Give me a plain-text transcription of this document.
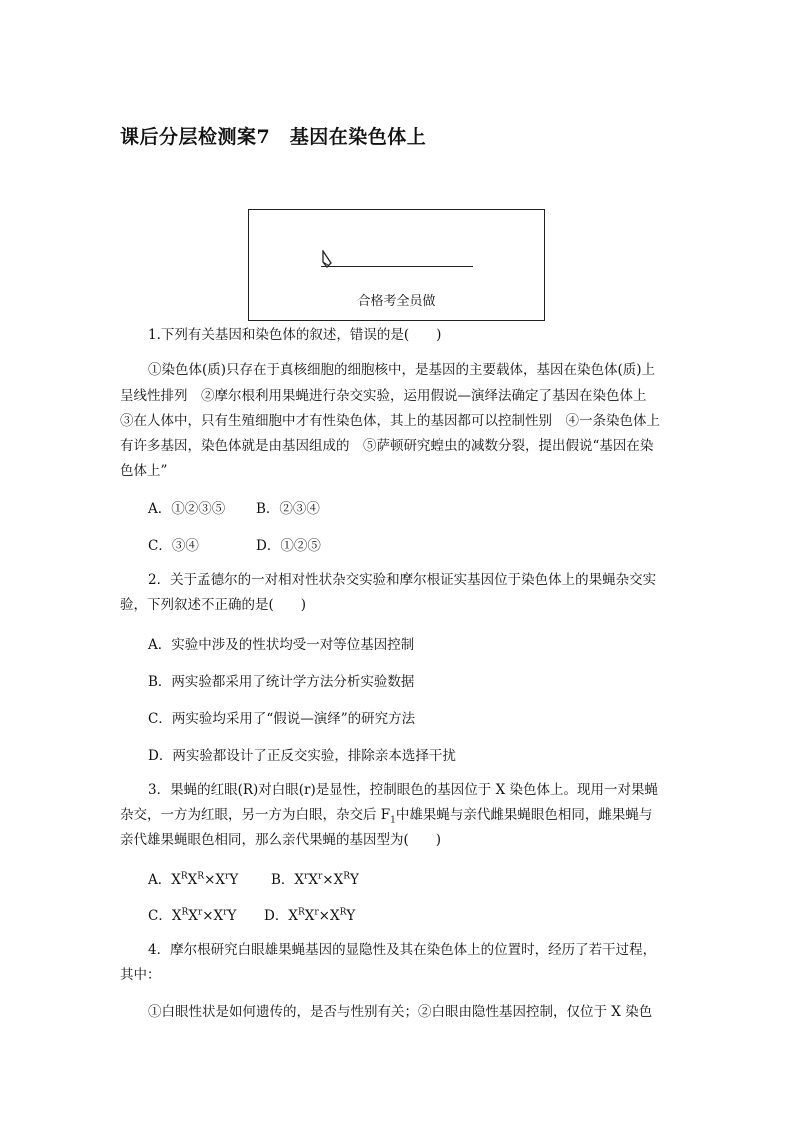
课后分层检测案7　基因在染色体上
合格考全员做
1.下列有关基因和染色体的叙述，错误的是(　　)
①染色体(质)只存在于真核细胞的细胞核中，是基因的主要载体，基因在染色体(质)上
呈线性排列　②摩尔根利用果蝇进行杂交实验，运用假说—演绎法确定了基因在染色体上
③在人体中，只有生殖细胞中才有性染色体，其上的基因都可以控制性别　④一条染色体上
有许多基因，染色体就是由基因组成的　⑤萨顿研究蝗虫的减数分裂，提出假说“基因在染
色体上”
A．①②③⑤ B．②③④
C．③④	D．①②⑤
2．关于孟德尔的一对相对性状杂交实验和摩尔根证实基因位于染色体上的果蝇杂交实
验，下列叙述不正确的是(　　)
A．实验中涉及的性状均受一对等位基因控制
B．两实验都采用了统计学方法分析实验数据
C．两实验均采用了“假说—演绎”的研究方法
D．两实验都设计了正反交实验，排除亲本选择干扰
3．果蝇的红眼(R)对白眼(r)是显性，控制眼色的基因位于 X 染色体上。现用一对果蝇
杂交，一方为红眼，另一方为白眼，杂交后 $F_1$中雄果蝇与亲代雌果蝇眼色相同，雌果蝇与
亲代雄果蝇眼色相同，那么亲代果蝇的基因型为(　　)
A．$X^RX^R\times X^rY$ B．$X^rX^r\times X^RY$
C．$X^RX^r\times X^rY$ D．$X^RX^r\times X^RY$
4．摩尔根研究白眼雄果蝇基因的显隐性及其在染色体上的位置时，经历了若干过程，
其中：
①白眼性状是如何遗传的，是否与性别有关；②白眼由隐性基因控制，仅位于 X 染色
